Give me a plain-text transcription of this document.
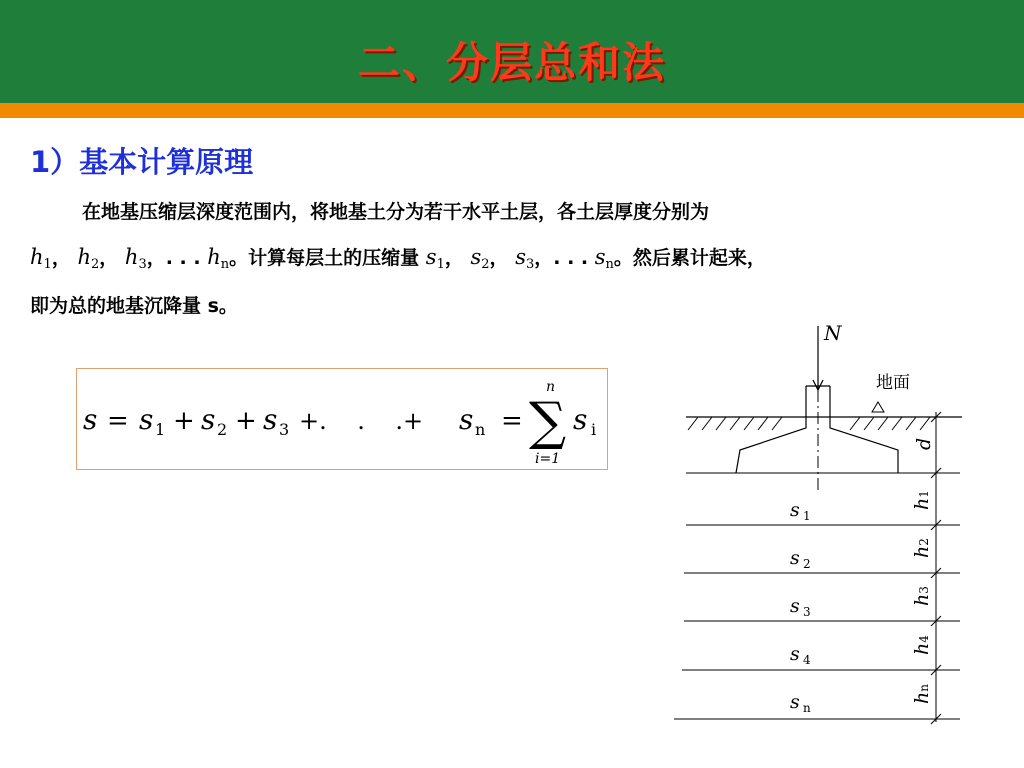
二、分层总和法
1）基本计算原理
在地基压缩层深度范围内，将地基土分为若干水平土层，各土层厚度分别为
$h_1$， $h_2$， $h_3$，. . . $h_n$。计算每层土的压缩量 $s_1$， $s_2$， $s_3$，. . . $s_n$。然后累计起来，
即为总的地基沉降量 s。
s = s 1 + s 2 + s 3 +.    .    .+ s n =
n
∑
i=1
s i
N
地面
d
s 1
s 2
s 3
s 4
s n
h1
h2
h3
h4
hn
